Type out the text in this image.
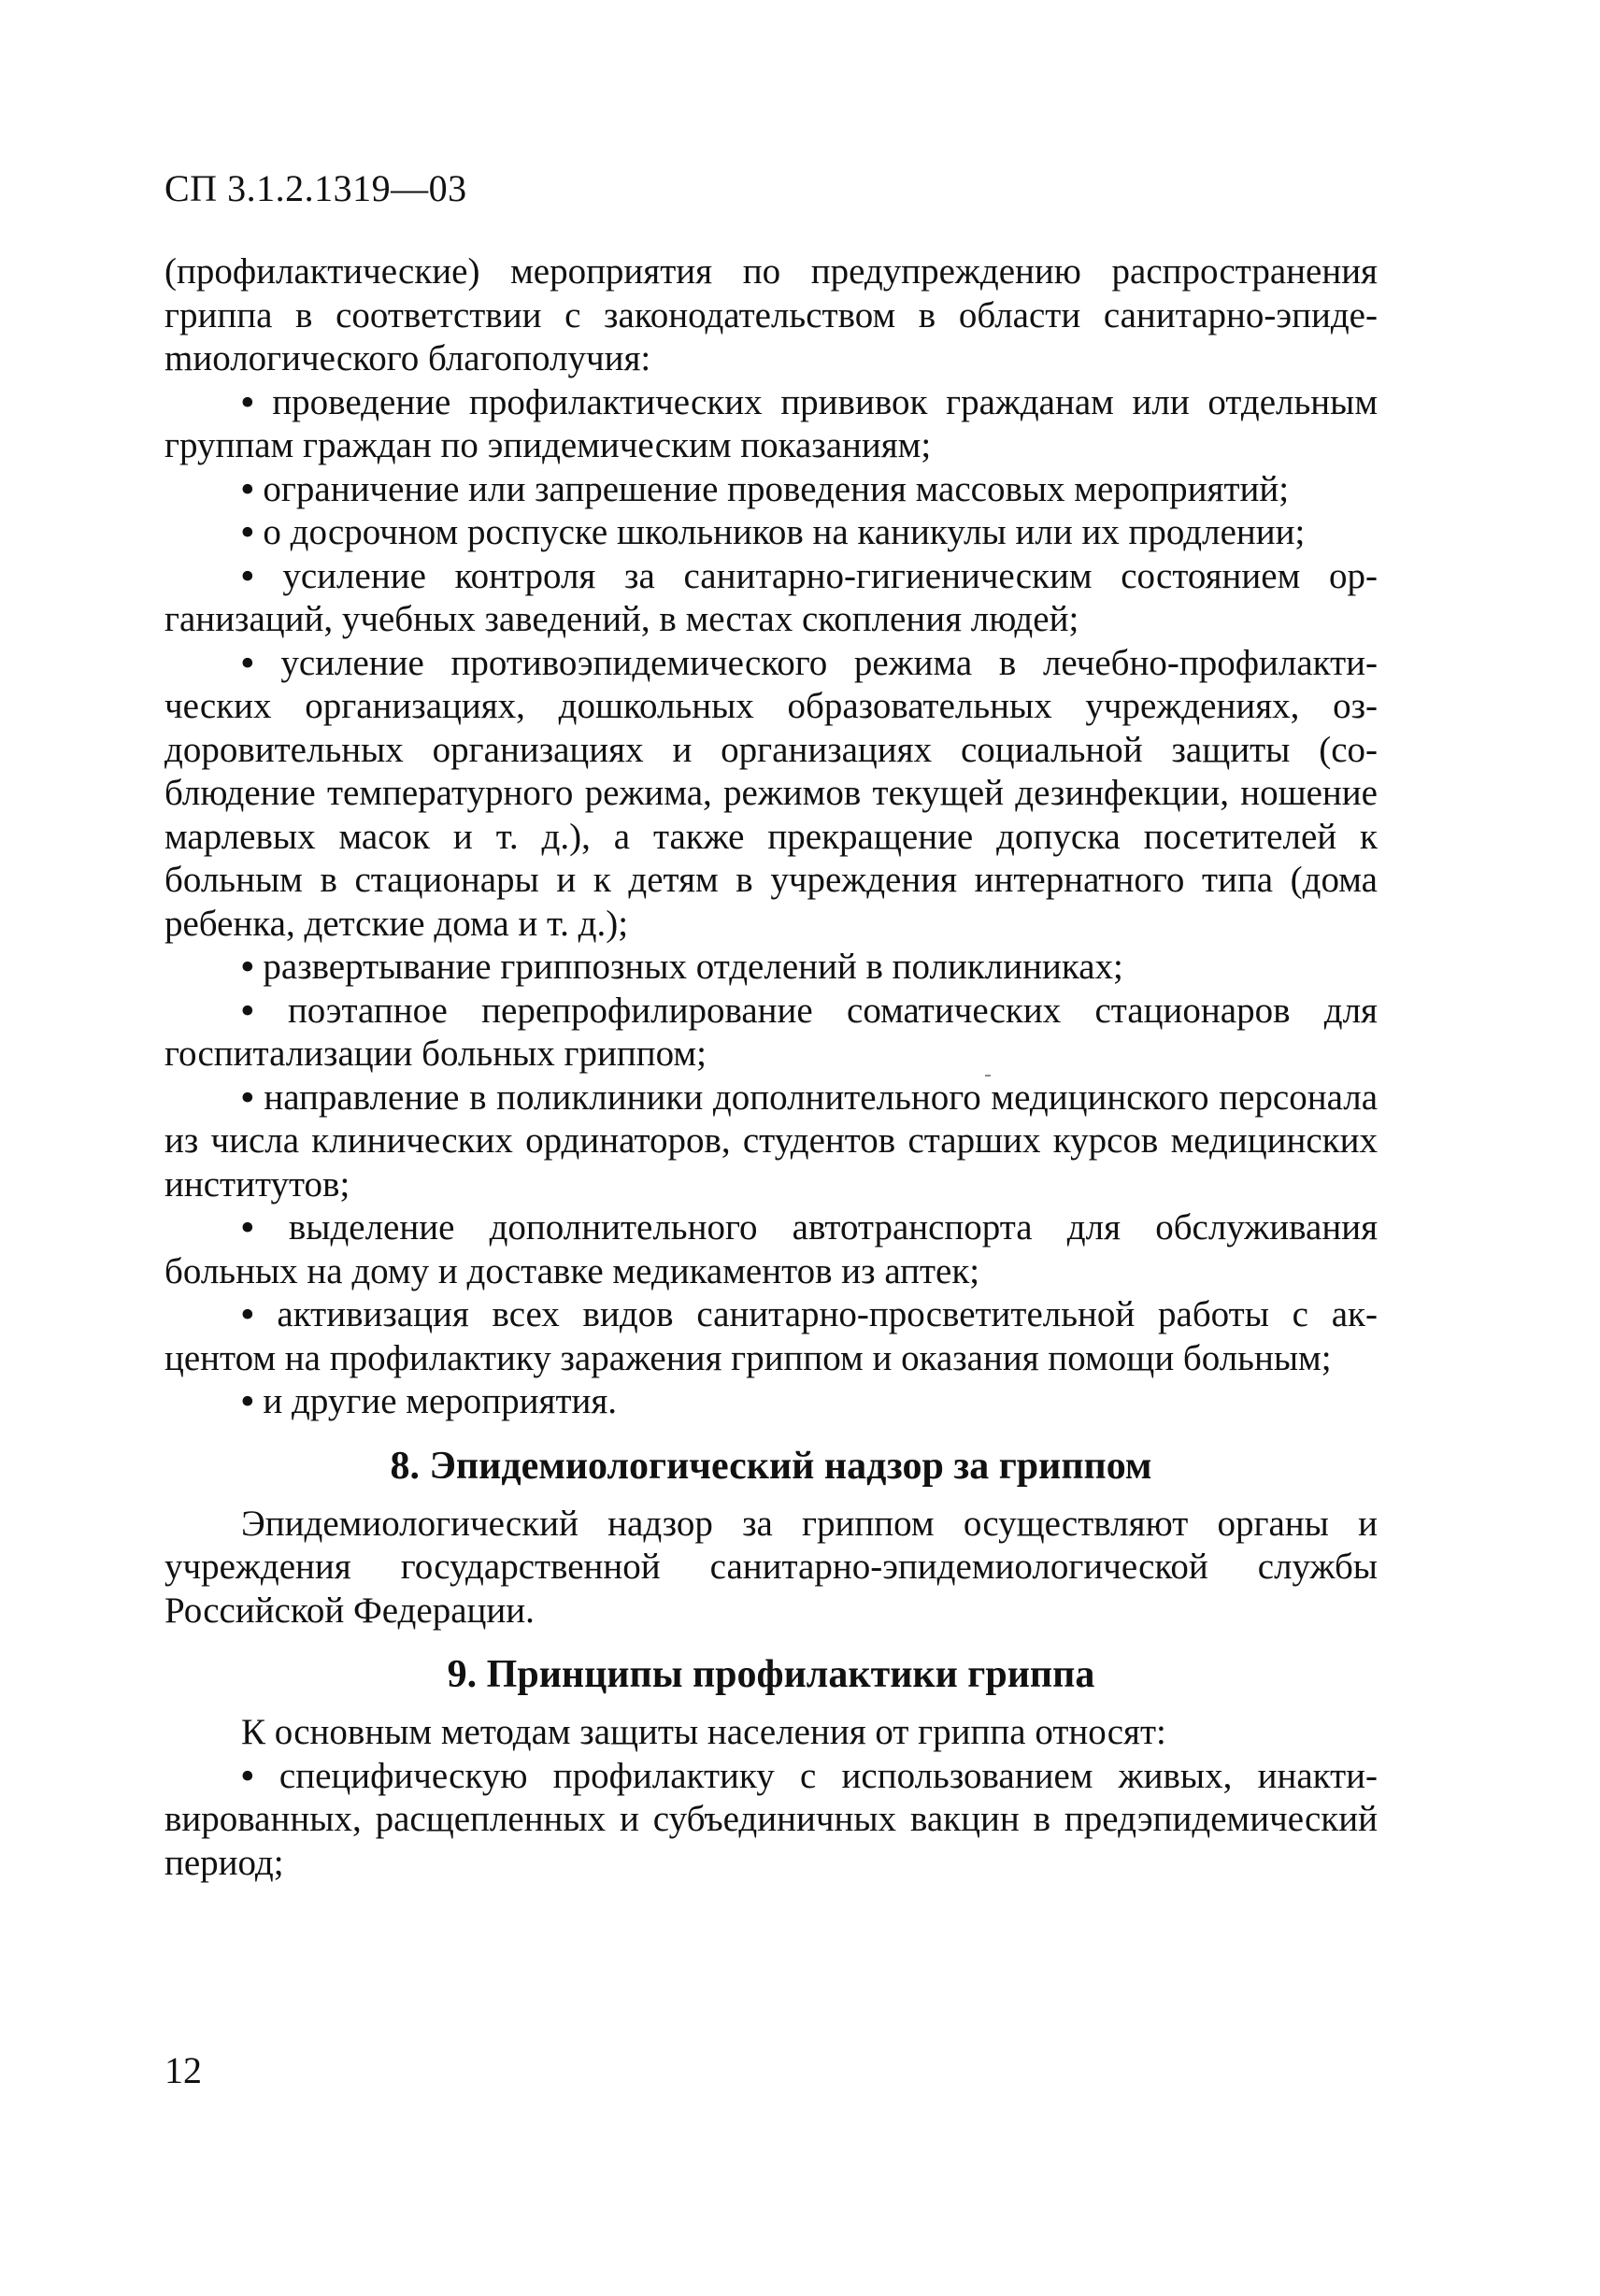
СП 3.1.2.1319—03

(профилактические) мероприятия по предупреждению распространения гриппа в соответствии с законодательством в области санитарно-эпидеmиологического благополучия:

• проведение профилактических прививок гражданам или отдельным группам граждан по эпидемическим показаниям;

• ограничение или запрешение проведения массовых мероприятий;

• о досрочном роспуске школьников на каникулы или их продлении;

• усиление контроля за санитарно-гигиеническим состоянием организаций, учебных заведений, в местах скопления людей;

• усиление противоэпидемического режима в лечебно-профилактических организациях, дошкольных образовательных учреждениях, оздоровительных организациях и организациях социальной защиты (соблюдение температурного режима, режимов текущей дезинфекции, ношение марлевых масок и т. д.), а также прекращение допуска посетителей к больным в стационары и к детям в учреждения интернатного типа (дома ребенка, детские дома и т. д.);

• развертывание гриппозных отделений в поликлиниках;

• поэтапное перепрофилирование соматических стационаров для госпитализации больных гриппом;

• направление в поликлиники дополнительного медицинского персонала из числа клинических ординаторов, студентов старших курсов медицинских институтов;

• выделение дополнительного автотранспорта для обслуживания больных на дому и доставке медикаментов из аптек;

• активизация всех видов санитарно-просветительной работы с акцентом на профилактику заражения гриппом и оказания помощи больным;

• и другие мероприятия.

8. Эпидемиологический надзор за гриппом

Эпидемиологический надзор за гриппом осуществляют органы и учреждения государственной санитарно-эпидемиологической службы Российской Федерации.

9. Принципы профилактики гриппа

К основным методам защиты населения от гриппа относят:

• специфическую профилактику с использованием живых, инактивированных, расщепленных и субъединичных вакцин в предэпидемический период;

12
